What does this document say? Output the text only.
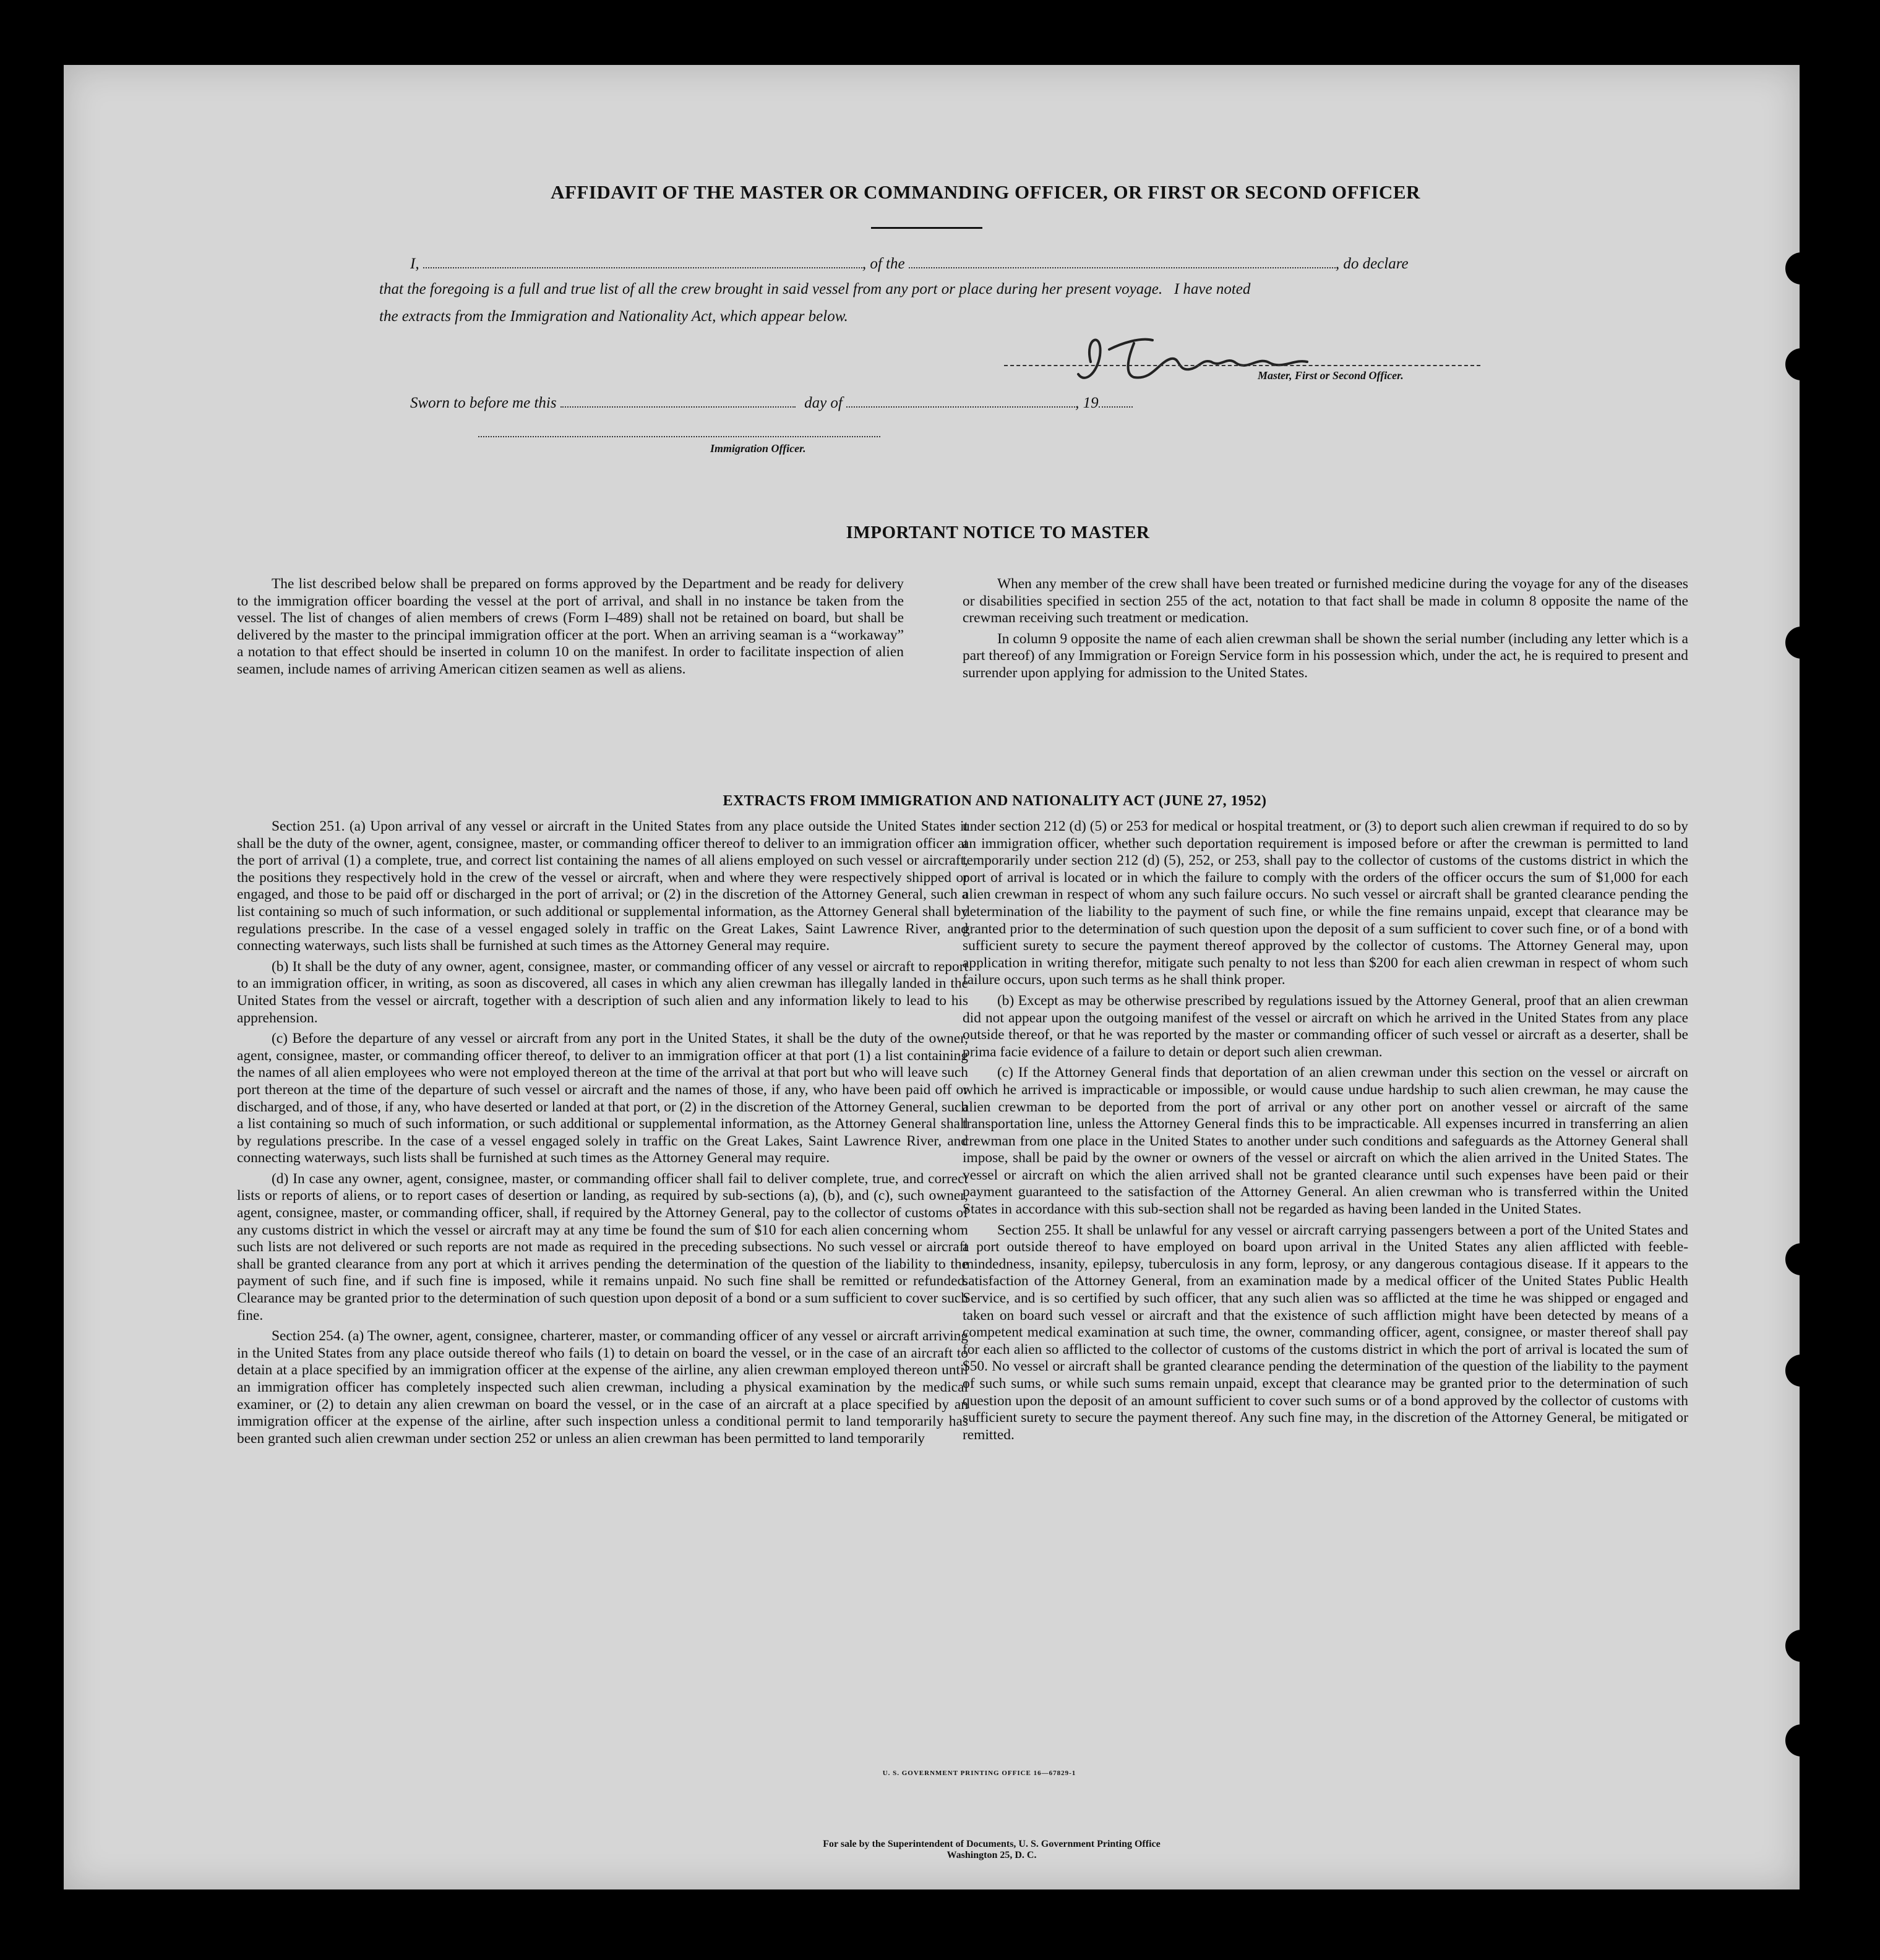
AFFIDAVIT OF THE MASTER OR COMMANDING OFFICER, OR FIRST OR SECOND OFFICER
I,	, of the	, do declare
that the foregoing is a full and true list of all the crew brought in said vessel from any port or place during her present voyage.   I have noted
the extracts from the Immigration and Nationality Act, which appear below.
Master, First or Second Officer.
Sworn to before me this	day of	, 19
Immigration Officer.
IMPORTANT NOTICE TO MASTER

The list described below shall be prepared on forms approved by the Department and be ready for delivery to the immigration officer boarding the vessel at the port of arrival, and shall in no instance be taken from the vessel. The list of changes of alien members of crews (Form I–489) shall not be retained on board, but shall be delivered by the master to the principal immigration officer at the port. When an arriving seaman is a “workaway” a notation to that effect should be inserted in column 10 on the manifest. In order to facilitate inspection of alien seamen, include names of arriving American citizen seamen as well as aliens.

When any member of the crew shall have been treated or furnished medicine during the voyage for any of the diseases or disabilities specified in section 255 of the act, notation to that fact shall be made in column 8 opposite the name of the crewman receiving such treatment or medication.

In column 9 opposite the name of each alien crewman shall be shown the serial number (including any letter which is a part thereof) of any Immigration or Foreign Service form in his possession which, under the act, he is required to present and surrender upon applying for admission to the United States.

EXTRACTS FROM IMMIGRATION AND NATIONALITY ACT (JUNE 27, 1952)

Section 251. (a) Upon arrival of any vessel or aircraft in the United States from any place outside the United States it shall be the duty of the owner, agent, consignee, master, or commanding officer thereof to deliver to an immigration officer at the port of arrival (1) a complete, true, and correct list containing the names of all aliens employed on such vessel or aircraft, the positions they respectively hold in the crew of the vessel or aircraft, when and where they were respectively shipped or engaged, and those to be paid off or discharged in the port of arrival; or (2) in the discretion of the Attorney General, such a list containing so much of such information, or such additional or supplemental information, as the Attorney General shall by regulations prescribe. In the case of a vessel engaged solely in traffic on the Great Lakes, Saint Lawrence River, and connecting waterways, such lists shall be furnished at such times as the Attorney General may require.

(b) It shall be the duty of any owner, agent, consignee, master, or commanding officer of any vessel or aircraft to report to an immigration officer, in writing, as soon as discovered, all cases in which any alien crewman has illegally landed in the United States from the vessel or aircraft, together with a description of such alien and any information likely to lead to his apprehension.

(c) Before the departure of any vessel or aircraft from any port in the United States, it shall be the duty of the owner, agent, consignee, master, or commanding officer thereof, to deliver to an immigration officer at that port (1) a list containing the names of all alien employees who were not employed thereon at the time of the arrival at that port but who will leave such port thereon at the time of the departure of such vessel or aircraft and the names of those, if any, who have been paid off or discharged, and of those, if any, who have deserted or landed at that port, or (2) in the discretion of the Attorney General, such a list containing so much of such information, or such additional or supplemental information, as the Attorney General shall by regulations prescribe. In the case of a vessel engaged solely in traffic on the Great Lakes, Saint Lawrence River, and connecting waterways, such lists shall be furnished at such times as the Attorney General may require.

(d) In case any owner, agent, consignee, master, or commanding officer shall fail to deliver complete, true, and correct lists or reports of aliens, or to report cases of desertion or landing, as required by sub-sections (a), (b), and (c), such owner, agent, consignee, master, or commanding officer, shall, if required by the Attorney General, pay to the collector of customs of any customs district in which the vessel or aircraft may at any time be found the sum of $10 for each alien concerning whom such lists are not delivered or such reports are not made as required in the preceding subsections. No such vessel or aircraft shall be granted clearance from any port at which it arrives pending the determination of the question of the liability to the payment of such fine, and if such fine is imposed, while it remains unpaid. No such fine shall be remitted or refunded. Clearance may be granted prior to the determination of such question upon deposit of a bond or a sum sufficient to cover such fine.

Section 254. (a) The owner, agent, consignee, charterer, master, or commanding officer of any vessel or aircraft arriving in the United States from any place outside thereof who fails (1) to detain on board the vessel, or in the case of an aircraft to detain at a place specified by an immigration officer at the expense of the airline, any alien crewman employed thereon until an immigration officer has completely inspected such alien crewman, including a physical examination by the medical examiner, or (2) to detain any alien crewman on board the vessel, or in the case of an aircraft at a place specified by an immigration officer at the expense of the airline, after such inspection unless a conditional permit to land temporarily has been granted such alien crewman under section 252 or unless an alien crewman has been permitted to land temporarily

under section 212 (d) (5) or 253 for medical or hospital treatment, or (3) to deport such alien crewman if required to do so by an immigration officer, whether such deportation requirement is imposed before or after the crewman is permitted to land temporarily under section 212 (d) (5), 252, or 253, shall pay to the collector of customs of the customs district in which the port of arrival is located or in which the failure to comply with the orders of the officer occurs the sum of $1,000 for each alien crewman in respect of whom any such failure occurs. No such vessel or aircraft shall be granted clearance pending the determination of the liability to the payment of such fine, or while the fine remains unpaid, except that clearance may be granted prior to the determination of such question upon the deposit of a sum sufficient to cover such fine, or of a bond with sufficient surety to secure the payment thereof approved by the collector of customs. The Attorney General may, upon application in writing therefor, mitigate such penalty to not less than $200 for each alien crewman in respect of whom such failure occurs, upon such terms as he shall think proper.

(b) Except as may be otherwise prescribed by regulations issued by the Attorney General, proof that an alien crewman did not appear upon the outgoing manifest of the vessel or aircraft on which he arrived in the United States from any place outside thereof, or that he was reported by the master or commanding officer of such vessel or aircraft as a deserter, shall be prima facie evidence of a failure to detain or deport such alien crewman.

(c) If the Attorney General finds that deportation of an alien crewman under this section on the vessel or aircraft on which he arrived is impracticable or impossible, or would cause undue hardship to such alien crewman, he may cause the alien crewman to be deported from the port of arrival or any other port on another vessel or aircraft of the same transportation line, unless the Attorney General finds this to be impracticable. All expenses incurred in transferring an alien crewman from one place in the United States to another under such conditions and safeguards as the Attorney General shall impose, shall be paid by the owner or owners of the vessel or aircraft on which the alien arrived in the United States. The vessel or aircraft on which the alien arrived shall not be granted clearance until such expenses have been paid or their payment guaranteed to the satisfaction of the Attorney General. An alien crewman who is transferred within the United States in accordance with this sub-section shall not be regarded as having been landed in the United States.

Section 255. It shall be unlawful for any vessel or aircraft carrying passengers between a port of the United States and a port outside thereof to have employed on board upon arrival in the United States any alien afflicted with feeble-mindedness, insanity, epilepsy, tuberculosis in any form, leprosy, or any dangerous contagious disease. If it appears to the satisfaction of the Attorney General, from an examination made by a medical officer of the United States Public Health Service, and is so certified by such officer, that any such alien was so afflicted at the time he was shipped or engaged and taken on board such vessel or aircraft and that the existence of such affliction might have been detected by means of a competent medical examination at such time, the owner, commanding officer, agent, consignee, or master thereof shall pay for each alien so afflicted to the collector of customs of the customs district in which the port of arrival is located the sum of $50. No vessel or aircraft shall be granted clearance pending the determination of the question of the liability to the payment of such sums, or while such sums remain unpaid, except that clearance may be granted prior to the determination of such question upon the deposit of an amount sufficient to cover such sums or of a bond approved by the collector of customs with sufficient surety to secure the payment thereof. Any such fine may, in the discretion of the Attorney General, be mitigated or remitted.

U. S. GOVERNMENT PRINTING OFFICE 16—67829-1
For sale by the Superintendent of Documents, U. S. Government Printing Office
Washington 25, D. C.
